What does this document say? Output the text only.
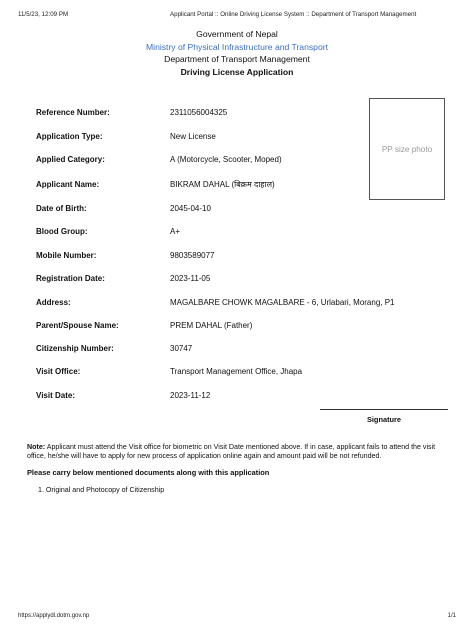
11/5/23, 12:09 PM	Applicant Portal :: Online Driving License System :: Department of Transport Management
Government of Nepal
Ministry of Physical Infrastructure and Transport
Department of Transport Management
Driving License Application
Reference Number:	2311056004325
Application Type:	New License
Applied Category:	A (Motorcycle, Scooter, Moped)
Applicant Name:	BIKRAM DAHAL (बिक्रम दाहाल)
Date of Birth:	2045-04-10
Blood Group:	A+
Mobile Number:	9803589077
Registration Date:	2023-11-05
Address:	MAGALBARE CHOWK MAGALBARE - 6, Urlabari, Morang, P1
Parent/Spouse Name:	PREM DAHAL (Father)
Citizenship Number:	30747
Visit Office:	Transport Management Office, Jhapa
Visit Date:	2023-11-12
PP size photo
Signature
Note: Applicant must attend the Visit office for biometric on Visit Date mentioned above. If in case, applicant fails to attend the visit office, he/she will have to apply for new process of application online again and amount paid will be not refunded.
Please carry below mentioned documents along with this application
1. Original and Photocopy of Citizenship
https://applydl.dotm.gov.np	1/1
